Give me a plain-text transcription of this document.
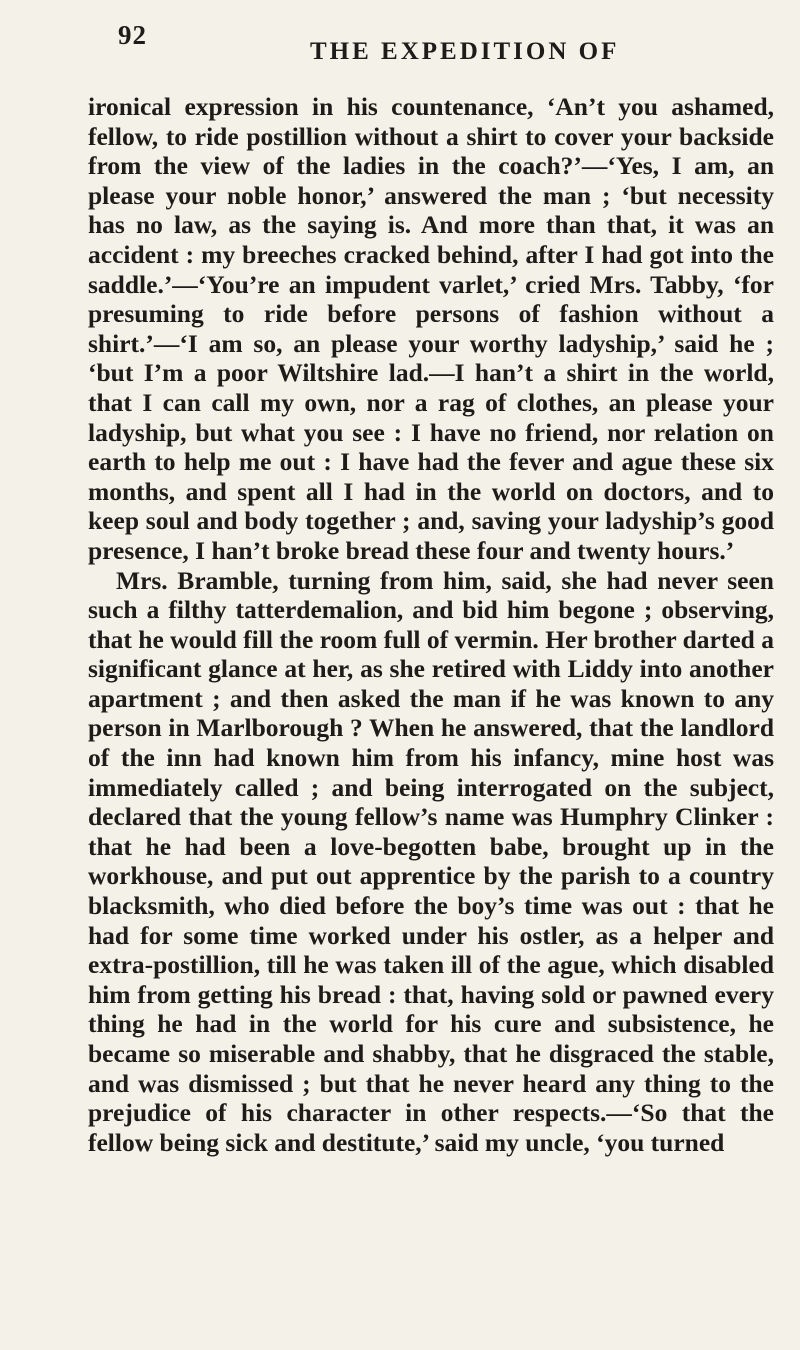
92
THE EXPEDITION OF

ironical expression in his countenance, ‘An’t you ashamed, fellow, to ride postillion without a shirt to cover your backside from the view of the ladies in the coach?’—‘Yes, I am, an please your noble honor,’ answered the man ; ‘but necessity has no law, as the saying is. And more than that, it was an accident : my breeches cracked behind, after I had got into the saddle.’—‘You’re an impudent varlet,’ cried Mrs. Tabby, ‘for presuming to ride before persons of fashion without a shirt.’—‘I am so, an please your worthy ladyship,’ said he ; ‘but I’m a poor Wiltshire lad.—I han’t a shirt in the world, that I can call my own, nor a rag of clothes, an please your ladyship, but what you see : I have no friend, nor relation on earth to help me out : I have had the fever and ague these six months, and spent all I had in the world on doctors, and to keep soul and body together ; and, saving your ladyship’s good presence, I han’t broke bread these four and twenty hours.’

Mrs. Bramble, turning from him, said, she had never seen such a filthy tatterdemalion, and bid him begone ; observing, that he would fill the room full of vermin. Her brother darted a significant glance at her, as she retired with Liddy into another apartment ; and then asked the man if he was known to any person in Marlborough ? When he answered, that the landlord of the inn had known him from his infancy, mine host was immediately called ; and being interrogated on the subject, declared that the young fellow’s name was Humphry Clinker : that he had been a love-begotten babe, brought up in the workhouse, and put out apprentice by the parish to a country blacksmith, who died before the boy’s time was out : that he had for some time worked under his ostler, as a helper and extra-postillion, till he was taken ill of the ague, which disabled him from getting his bread : that, having sold or pawned every thing he had in the world for his cure and subsistence, he became so miserable and shabby, that he disgraced the stable, and was dismissed ; but that he never heard any thing to the prejudice of his character in other respects.—‘So that the fellow being sick and destitute,’ said my uncle, ‘you turned
